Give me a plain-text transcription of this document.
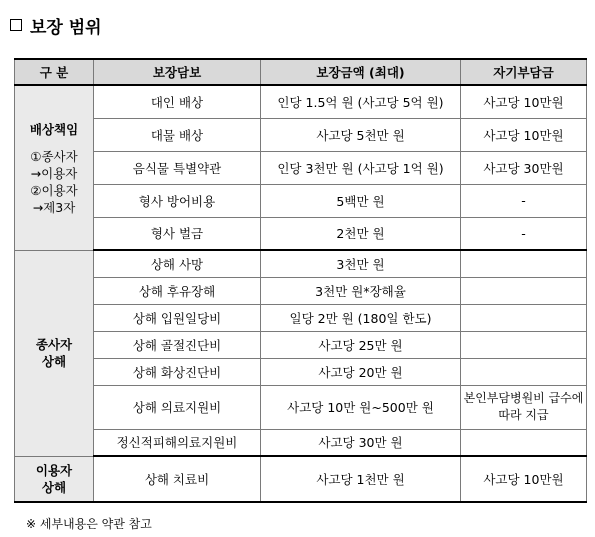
보장 범위
구 분	보장담보	보장금액 (최대)	자기부담금

배상책임
①종사자
→이용자
②이용자
→제3자	대인 배상	인당 1.5억 원 (사고당 5억 원)	사고당 10만원
	대물 배상	사고당 5천만 원	사고당 10만원
	음식물 특별약관	인당 3천만 원 (사고당 1억 원)	사고당 30만원
	형사 방어비용	5백만 원	-
	형사 벌금	2천만 원	-

종사자
상해	상해 사망	3천만 원	
	상해 후유장해	3천만 원*장해율	
	상해 입원일당비	일당 2만 원 (180일 한도)	
	상해 골절진단비	사고당 25만 원	
	상해 화상진단비	사고당 20만 원	
	상해 의료지원비	사고당 10만 원~500만 원	본인부담병원비 급수에 따라 지급
	정신적피해의료지원비	사고당 30만 원	

이용자
상해	상해 치료비	사고당 1천만 원	사고당 10만원
※ 세부내용은 약관 참고
